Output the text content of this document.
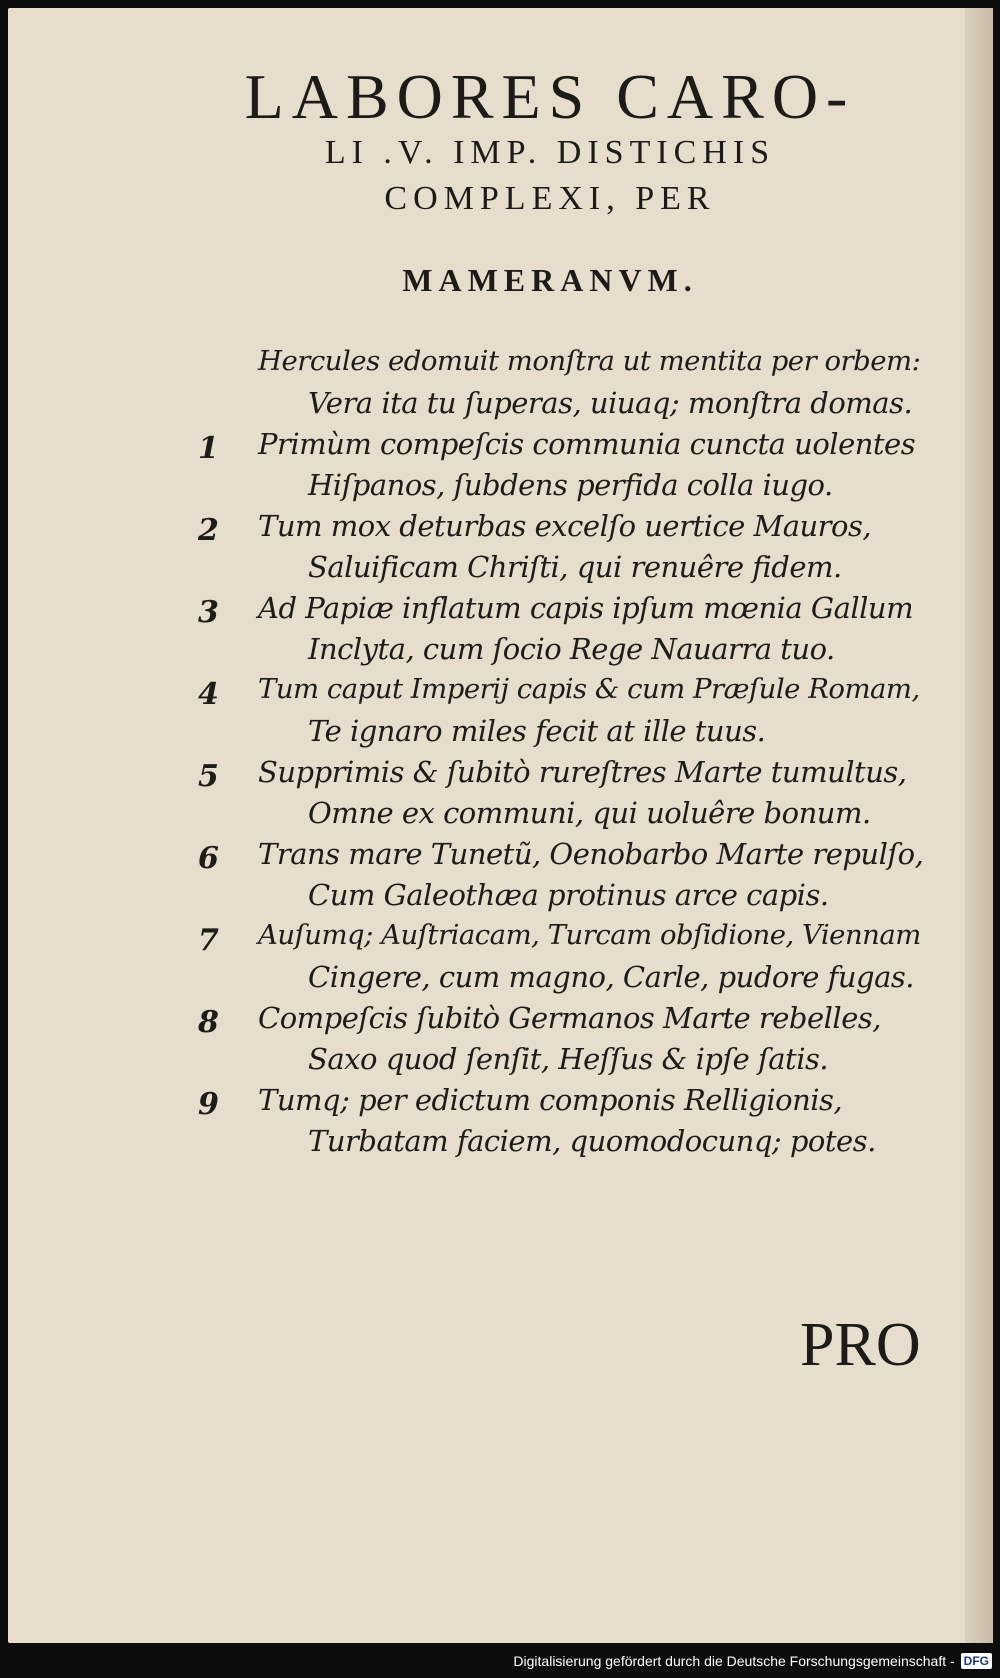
LABORES CARO-
LI .V. IMP. DISTICHIS
COMPLEXI, PER
MAMERANVM.

Hercules edomuit monſtra ut mentita per orbem:

Vera ita tu ſuperas, uiuaq; monſtra domas.

Primùm compeſcis communia cuncta uolentes

1

Hiſpanos, ſubdens perfida colla iugo.

Tum mox deturbas excelſo uertice Mauros,

2

Saluificam Chriſti, qui renuêre fidem.

Ad Papiæ inflatum capis ipſum mœnia Gallum

3

Inclyta, cum ſocio Rege Nauarra tuo.

Tum caput Imperij capis & cum Præſule Romam,

4

Te ignaro miles fecit at ille tuus.

Supprimis & ſubitò rureſtres Marte tumultus,

5

Omne ex communi, qui uoluêre bonum.

Trans mare Tunetũ, Oenobarbo Marte repulſo,

6

Cum Galeothæa protinus arce capis.

Auſumq; Auſtriacam, Turcam obſidione, Viennam

7

Cingere, cum magno, Carle, pudore fugas.

Compeſcis ſubitò Germanos Marte rebelles,

8

Saxo quod ſenſit, Heſſus & ipſe ſatis.

Tumq; per edictum componis Relligionis,

9

Turbatam faciem, quomodocunq; potes.

PRO

Digitalisierung gefördert durch die Deutsche Forschungsgemeinschaft - DFG
